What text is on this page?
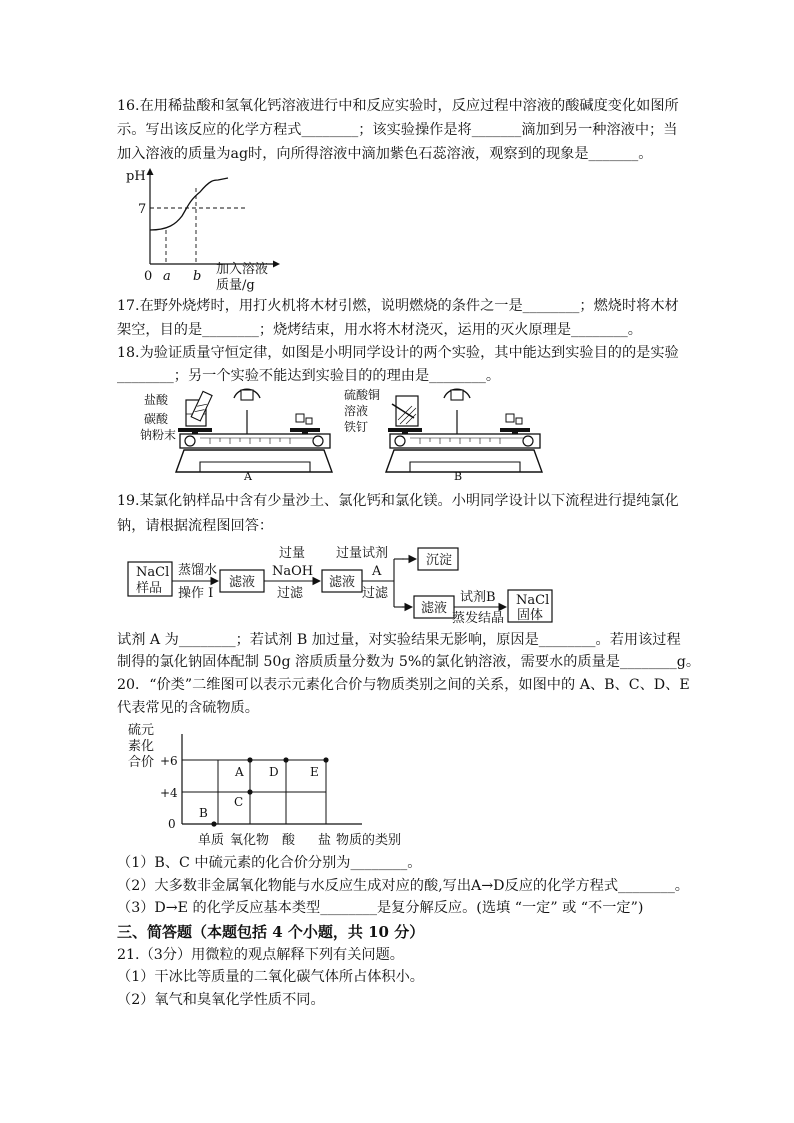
16.在用稀盐酸和氢氧化钙溶液进行中和反应实验时，反应过程中溶液的酸碱度变化如图所
示。写出该反应的化学方程式________；该实验操作是将_______滴加到另一种溶液中；当
加入溶液的质量为ag时，向所得溶液中滴加紫色石蕊溶液，观察到的现象是_______。
pH
7
0 a b 加入溶液
质量/g
17.在野外烧烤时，用打火机将木材引燃，说明燃烧的条件之一是________；燃烧时将木材
架空，目的是________；烧烤结束，用水将木材浇灭，运用的灭火原理是________。
18.为验证质量守恒定律，如图是小明同学设计的两个实验，其中能达到实验目的的是实验
________；另一个实验不能达到实验目的的理由是________。
盐酸
碳酸
钠粉末
A
硫酸铜
溶液
铁钉
B
19.某氯化钠样品中含有少量沙土、氯化钙和氯化镁。小明同学设计以下流程进行提纯氯化
钠，请根据流程图回答：
NaCl
样品
蒸馏水
操作 I
滤液
过量
NaOH
过滤
滤液
过量试剂
A
过滤
沉淀
滤液
试剂B
蒸发结晶
NaCl
固体
试剂 A 为________；若试剂 B 加过量，对实验结果无影响，原因是________。若用该过程
制得的氯化钠固体配制 50g 溶质质量分数为 5%的氯化钠溶液，需要水的质量是________g。
20．“价类”二维图可以表示元素化合价与物质类别之间的关系，如图中的 A、B、C、D、E
代表常见的含硫物质。
硫元
素化
合价 +6
+4
0
A
B
C
D	E
单质 氧化物 酸 盐 物质的类别
（1）B、C 中硫元素的化合价分别为________。
（2）大多数非金属氧化物能与水反应生成对应的酸,写出A→D反应的化学方程式________。
（3）D→E 的化学反应基本类型________是复分解反应。(选填 “一定” 或 “不一定”)
三、简答题（本题包括 4 个小题，共 10 分）
21.（3分）用微粒的观点解释下列有关问题。
（1）干冰比等质量的二氧化碳气体所占体积小。
（2）氧气和臭氧化学性质不同。
